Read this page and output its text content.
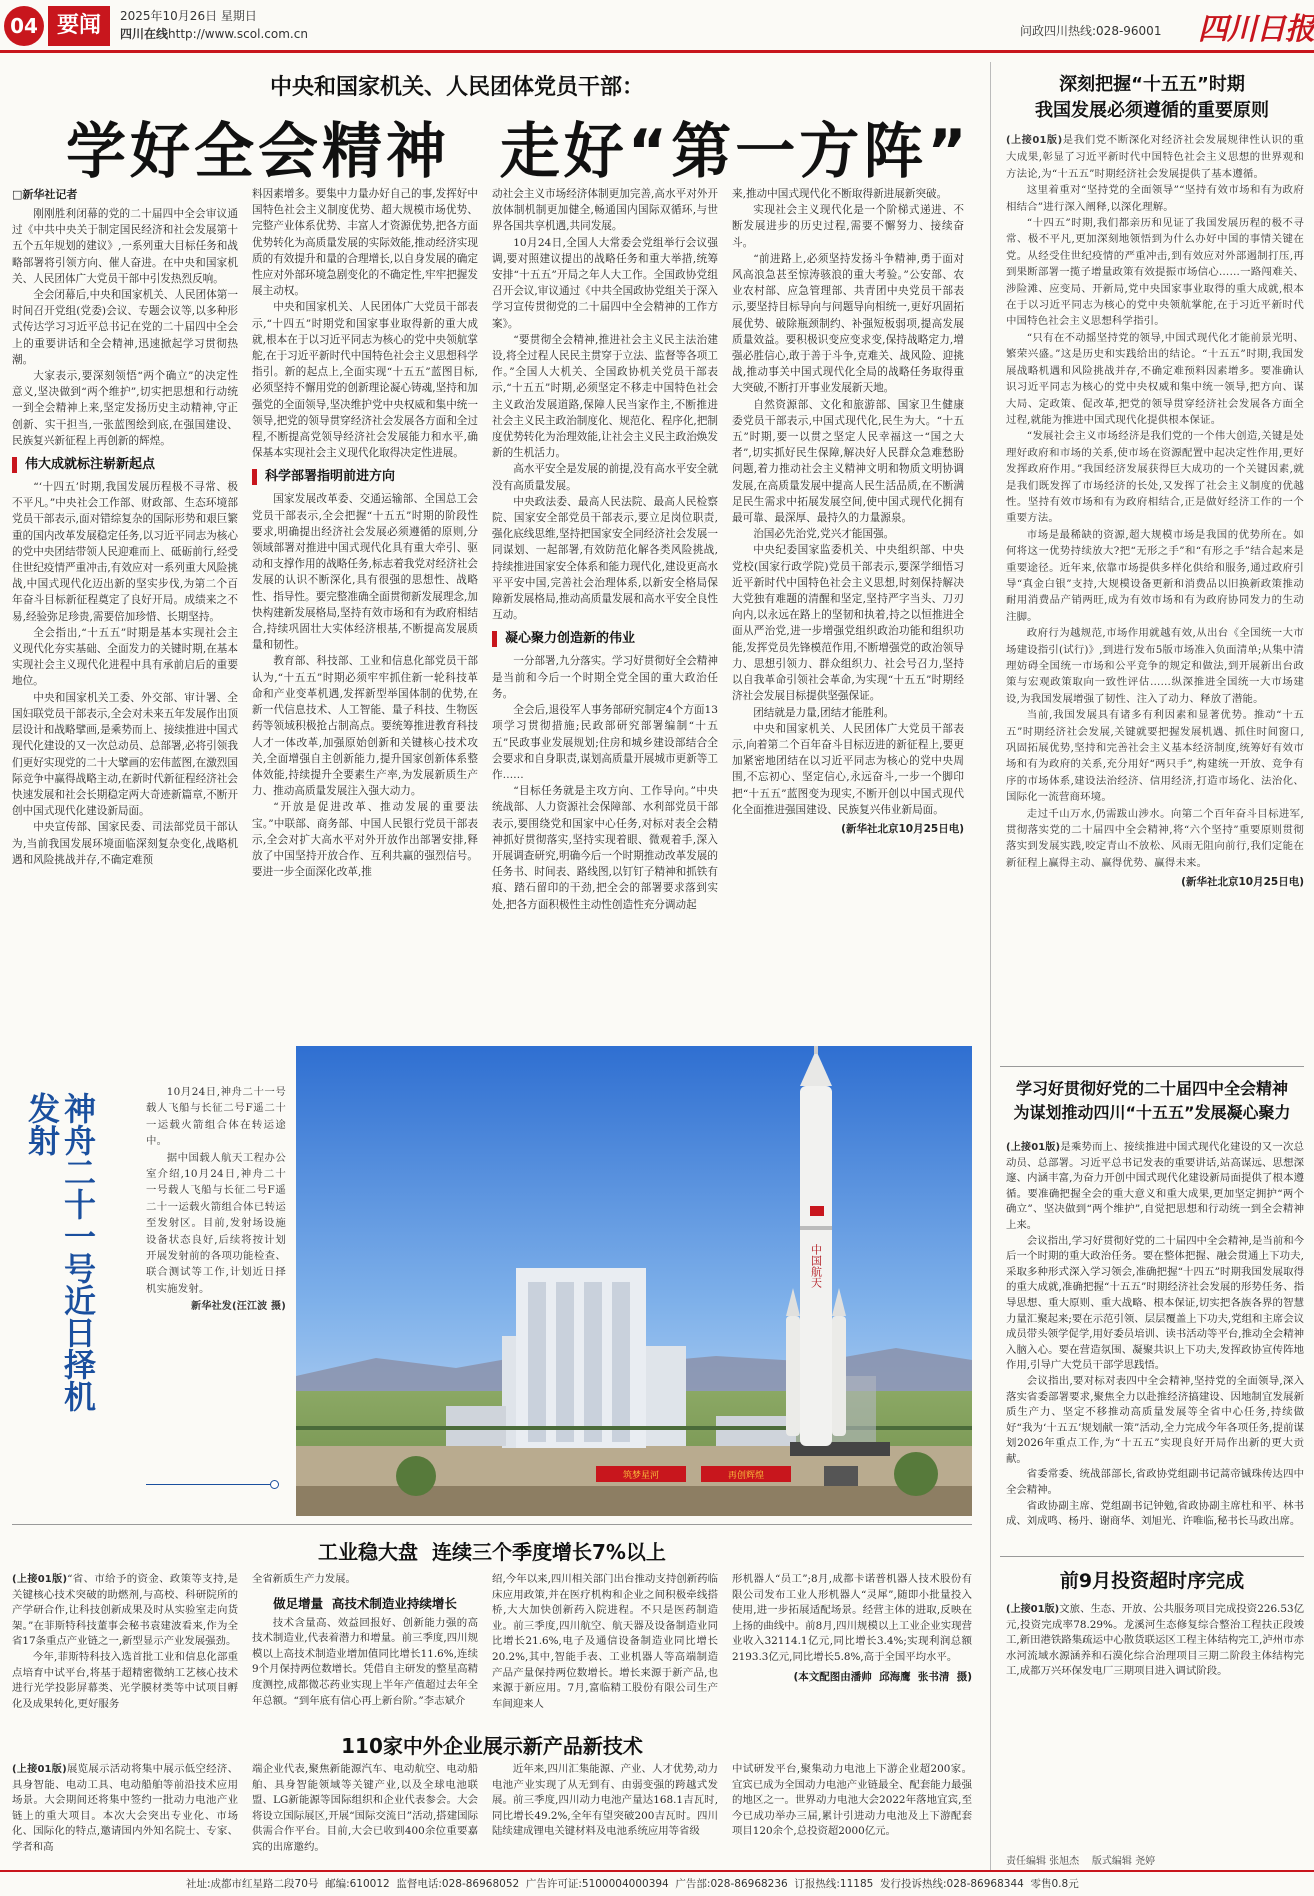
04 要闻	2025年10月26日 星期日
四川在线http://www.scol.com.cn	问政四川热线:028-96001 四川日报
中央和国家机关、人民团体党员干部：
学好全会精神  走好“第一方阵”
□新华社记者

刚刚胜利闭幕的党的二十届四中全会审议通过《中共中央关于制定国民经济和社会发展第十五个五年规划的建议》,一系列重大目标任务和战略部署将引领方向、催人奋进。在中央和国家机关、人民团体广大党员干部中引发热烈反响。

全会闭幕后,中央和国家机关、人民团体第一时间召开党组(党委)会议、专题会议等,以多种形式传达学习习近平总书记在党的二十届四中全会上的重要讲话和全会精神,迅速掀起学习贯彻热潮。

大家表示,要深刻领悟“两个确立”的决定性意义,坚决做到“两个维护”,切实把思想和行动统一到全会精神上来,坚定发扬历史主动精神,守正创新、实干担当,一张蓝图绘到底,在强国建设、民族复兴新征程上再创新的辉煌。

伟大成就标注崭新起点

“‘十四五’时期,我国发展历程极不寻常、极不平凡。”中央社会工作部、财政部、生态环境部党员干部表示,面对错综复杂的国际形势和艰巨繁重的国内改革发展稳定任务,以习近平同志为核心的党中央团结带领人民迎难而上、砥砺前行,经受住世纪疫情严重冲击,有效应对一系列重大风险挑战,中国式现代化迈出新的坚实步伐,为第二个百年奋斗目标新征程奠定了良好开局。成绩来之不易,经验弥足珍贵,需要倍加珍惜、长期坚持。

全会指出,“十五五”时期是基本实现社会主义现代化夯实基础、全面发力的关键时期,在基本实现社会主义现代化进程中具有承前启后的重要地位。

中央和国家机关工委、外交部、审计署、全国妇联党员干部表示,全会对未来五年发展作出顶层设计和战略擘画,是乘势而上、接续推进中国式现代化建设的又一次总动员、总部署,必将引领我们更好实现党的二十大擘画的宏伟蓝图,在激烈国际竞争中赢得战略主动,在新时代新征程经济社会快速发展和社会长期稳定两大奇迹新篇章,不断开创中国式现代化建设新局面。

中央宣传部、国家民委、司法部党员干部认为,当前我国发展环境面临深刻复杂变化,战略机遇和风险挑战并存,不确定难预

料因素增多。要集中力量办好自己的事,发挥好中国特色社会主义制度优势、超大规模市场优势、完整产业体系优势、丰富人才资源优势,把各方面优势转化为高质量发展的实际效能,推动经济实现质的有效提升和量的合理增长,以自身发展的确定性应对外部环境急剧变化的不确定性,牢牢把握发展主动权。

中央和国家机关、人民团体广大党员干部表示,“十四五”时期党和国家事业取得新的重大成就,根本在于以习近平同志为核心的党中央领航掌舵,在于习近平新时代中国特色社会主义思想科学指引。新的起点上,全面实现“十五五”蓝图目标,必须坚持不懈用党的创新理论凝心铸魂,坚持和加强党的全面领导,坚决维护党中央权威和集中统一领导,把党的领导贯穿经济社会发展各方面和全过程,不断提高党领导经济社会发展能力和水平,确保基本实现社会主义现代化取得决定性进展。

科学部署指明前进方向

国家发展改革委、交通运输部、全国总工会党员干部表示,全会把握“十五五”时期的阶段性要求,明确提出经济社会发展必须遵循的原则,分领域部署对推进中国式现代化具有重大牵引、驱动和支撑作用的战略任务,标志着我党对经济社会发展的认识不断深化,具有很强的思想性、战略性、指导性。要完整准确全面贯彻新发展理念,加快构建新发展格局,坚持有效市场和有为政府相结合,持续巩固壮大实体经济根基,不断提高发展质量和韧性。

教育部、科技部、工业和信息化部党员干部认为,“十五五”时期必须牢牢抓住新一轮科技革命和产业变革机遇,发挥新型举国体制的优势,在新一代信息技术、人工智能、量子科技、生物医药等领域积极抢占制高点。要统筹推进教育科技人才一体改革,加强原始创新和关键核心技术攻关,全面增强自主创新能力,提升国家创新体系整体效能,持续提升全要素生产率,为发展新质生产力、推动高质量发展注入强大动力。

“开放是促进改革、推动发展的重要法宝。”中联部、商务部、中国人民银行党员干部表示,全会对扩大高水平对外开放作出部署安排,释放了中国坚持开放合作、互利共赢的强烈信号。要进一步全面深化改革,推

动社会主义市场经济体制更加完善,高水平对外开放体制机制更加健全,畅通国内国际双循环,与世界各国共享机遇,共同发展。

10月24日,全国人大常委会党组举行会议强调,要对照建议提出的战略任务和重大举措,统筹安排“十五五”开局之年人大工作。全国政协党组召开会议,审议通过《中共全国政协党组关于深入学习宣传贯彻党的二十届四中全会精神的工作方案》。

“要贯彻全会精神,推进社会主义民主法治建设,将全过程人民民主贯穿于立法、监督等各项工作。”全国人大机关、全国政协机关党员干部表示,“十五五”时期,必须坚定不移走中国特色社会主义政治发展道路,保障人民当家作主,不断推进社会主义民主政治制度化、规范化、程序化,把制度优势转化为治理效能,让社会主义民主政治焕发新的生机活力。

高水平安全是发展的前提,没有高水平安全就没有高质量发展。

中央政法委、最高人民法院、最高人民检察院、国家安全部党员干部表示,要立足岗位职责,强化底线思维,坚持把国家安全同经济社会发展一同谋划、一起部署,有效防范化解各类风险挑战,持续推进国家安全体系和能力现代化,建设更高水平平安中国,完善社会治理体系,以新安全格局保障新发展格局,推动高质量发展和高水平安全良性互动。

凝心聚力创造新的伟业

一分部署,九分落实。学习好贯彻好全会精神是当前和今后一个时期全党全国的重大政治任务。

全会后,退役军人事务部研究制定4个方面13项学习贯彻措施;民政部研究部署编制“十五五”民政事业发展规划;住房和城乡建设部结合全会要求和自身职责,谋划高质量开展城市更新等工作……

“目标任务就是主攻方向、工作导向。”中央统战部、人力资源社会保障部、水利部党员干部表示,要围绕党和国家中心任务,对标对表全会精神抓好贯彻落实,坚持实现着眼、微观着手,深入开展调查研究,明确今后一个时期推动改革发展的任务书、时间表、路线图,以钉钉子精神和抓铁有痕、踏石留印的干劲,把全会的部署要求落到实处,把各方面积极性主动性创造性充分调动起

来,推动中国式现代化不断取得新进展新突破。

实现社会主义现代化是一个阶梯式递进、不断发展进步的历史过程,需要不懈努力、接续奋斗。

“前进路上,必须坚持发扬斗争精神,勇于面对风高浪急甚至惊涛骇浪的重大考验。”公安部、农业农村部、应急管理部、共青团中央党员干部表示,要坚持目标导向与问题导向相统一,更好巩固拓展优势、破除瓶颈制约、补强短板弱项,提高发展质量效益。要积极识变应变求变,保持战略定力,增强必胜信心,敢于善于斗争,克难关、战风险、迎挑战,推动事关中国式现代化全局的战略任务取得重大突破,不断打开事业发展新天地。

自然资源部、文化和旅游部、国家卫生健康委党员干部表示,中国式现代化,民生为大。“十五五”时期,要一以贯之坚定人民幸福这一“国之大者”,切实抓好民生保障,解决好人民群众急难愁盼问题,着力推动社会主义精神文明和物质文明协调发展,在高质量发展中提高人民生活品质,在不断满足民生需求中拓展发展空间,使中国式现代化拥有最可靠、最深厚、最持久的力量源泉。

治国必先治党,党兴才能国强。

中央纪委国家监委机关、中央组织部、中央党校(国家行政学院)党员干部表示,要深学细悟习近平新时代中国特色社会主义思想,时刻保持解决大党独有难题的清醒和坚定,坚持严字当头、刀刃向内,以永远在路上的坚韧和执着,持之以恒推进全面从严治党,进一步增强党组织政治功能和组织功能,发挥党员先锋模范作用,不断增强党的政治领导力、思想引领力、群众组织力、社会号召力,坚持以自我革命引领社会革命,为实现“十五五”时期经济社会发展目标提供坚强保证。

团结就是力量,团结才能胜利。

中央和国家机关、人民团体广大党员干部表示,向着第二个百年奋斗目标迈进的新征程上,要更加紧密地团结在以习近平同志为核心的党中央周围,不忘初心、坚定信心,永远奋斗,一步一个脚印把“十五五”蓝图变为现实,不断开创以中国式现代化全面推进强国建设、民族复兴伟业新局面。

(新华社北京10月25日电)
神舟二十一号近日择机发射	10月24日,神舟二十一号载人飞船与长征二号F遥二十一运载火箭组合体在转运途中。

据中国载人航天工程办公室介绍,10月24日,神舟二十一号载人飞船与长征二号F遥二十一运载火箭组合体已转运至发射区。目前,发射场设施设备状态良好,后续将按计划开展发射前的各项功能检查、联合测试等工作,计划近日择机实施发射。

新华社发(汪江波 摄)

中国航天
筑梦星河	再创辉煌
深刻把握“十五五”时期
我国发展必须遵循的重要原则

(上接01版)是我们党不断深化对经济社会发展规律性认识的重大成果,彰显了习近平新时代中国特色社会主义思想的世界观和方法论,为“十五五”时期经济社会发展提供了基本遵循。

这里着重对“坚持党的全面领导”“坚持有效市场和有为政府相结合”进行深入阐释,以深化理解。

“十四五”时期,我们都亲历和见证了我国发展历程的极不寻常、极不平凡,更加深刻地领悟到为什么办好中国的事情关键在党。从经受住世纪疫情的严重冲击,到有效应对外部遏制打压,再到果断部署一揽子增量政策有效提振市场信心……一路闯难关、涉险滩、应变局、开新局,党中央国家事业取得的重大成就,根本在于以习近平同志为核心的党中央领航掌舵,在于习近平新时代中国特色社会主义思想科学指引。

“只有在不动摇坚持党的领导,中国式现代化才能前景光明、繁荣兴盛。”这是历史和实践给出的结论。“十五五”时期,我国发展战略机遇和风险挑战并存,不确定难预料因素增多。要准确认识习近平同志为核心的党中央权威和集中统一领导,把方向、谋大局、定政策、促改革,把党的领导贯穿经济社会发展各方面全过程,就能为推进中国式现代化提供根本保证。

“发展社会主义市场经济是我们党的一个伟大创造,关键是处理好政府和市场的关系,使市场在资源配置中起决定性作用,更好发挥政府作用。”我国经济发展获得巨大成功的一个关键因素,就是我们既发挥了市场经济的长处,又发挥了社会主义制度的优越性。坚持有效市场和有为政府相结合,正是做好经济工作的一个重要方法。

市场是最稀缺的资源,超大规模市场是我国的优势所在。如何将这一优势持续放大?把“无形之手”和“有形之手”结合起来是重要途径。近年来,依靠市场提供多样化供给和服务,通过政府引导“真金白银”支持,大规模设备更新和消费品以旧换新政策推动耐用消费品产销两旺,成为有效市场和有为政府协同发力的生动注脚。

政府行为越规范,市场作用就越有效,从出台《全国统一大市场建设指引(试行)》,到进行发布5版市场准入负面清单;从集中清理妨碍全国统一市场和公平竞争的规定和做法,到开展新出台政策与宏观政策取向一致性评估……纵深推进全国统一大市场建设,为我国发展增强了韧性、注入了动力、释放了潜能。

当前,我国发展具有诸多有利因素和显著优势。推动“十五五”时期经济社会发展,关键就要把握发展机遇、抓住时间窗口,巩固拓展优势,坚持和完善社会主义基本经济制度,统筹好有效市场和有为政府的关系,充分用好“两只手”,构建统一开放、竞争有序的市场体系,建设法治经济、信用经济,打造市场化、法治化、国际化一流营商环境。

走过千山万水,仍需跋山涉水。向第二个百年奋斗目标进军,贯彻落实党的二十届四中全会精神,将“六个坚持”重要原则贯彻落实到发展实践,咬定青山不放松、风雨无阻向前行,我们定能在新征程上赢得主动、赢得优势、赢得未来。

(新华社北京10月25日电)
学习好贯彻好党的二十届四中全会精神
为谋划推动四川“十五五”发展凝心聚力

(上接01版)是乘势而上、接续推进中国式现代化建设的又一次总动员、总部署。习近平总书记发表的重要讲话,站高谋远、思想深邃、内涵丰富,为奋力开创中国式现代化建设新局面提供了根本遵循。要准确把握全会的重大意义和重大成果,更加坚定拥护“两个确立”、坚决做到“两个维护”,自觉把思想和行动统一到全会精神上来。

会议指出,学习好贯彻好党的二十届四中全会精神,是当前和今后一个时期的重大政治任务。要在整体把握、融会贯通上下功夫,采取多种形式深入学习领会,准确把握“十四五”时期我国发展取得的重大成就,准确把握“十五五”时期经济社会发展的形势任务、指导思想、重大原则、重大战略、根本保证,切实把各族各界的智慧力量汇聚起来;要在示范引领、层层覆盖上下功夫,党组和主席会议成员带头领学促学,用好委员培训、读书活动等平台,推动全会精神入脑入心。要在营造氛围、凝聚共识上下功夫,发挥政协宣传阵地作用,引导广大党员干部学思践悟。

会议指出,要对标对表四中全会精神,坚持党的全面领导,深入落实省委部署要求,聚焦全力以赴推经济搞建设、因地制宜发展新质生产力、坚定不移推动高质量发展等全省中心任务,持续做好“我为‘十五五’规划献一策”活动,全力完成今年各项任务,提前谋划2026年重点工作,为“十五五”实现良好开局作出新的更大贡献。

省委常委、统战部部长,省政协党组副书记蒿帝铖珠传达四中全会精神。

省政协副主席、党组副书记钟勉,省政协副主席杜和平、林书成、刘成鸣、杨丹、谢商华、刘旭光、许唯临,秘书长马政出席。

前9月投资超时序完成

(上接01版)文旅、生态、开放、公共服务项目完成投资226.53亿元,投资完成率78.29%。龙溪河生态修复综合整治工程扶正段竣工,新田港铁路集疏运中心散货联运区工程主体结构完工,泸州市赤水河流域水源涵养和石漠化综合治理项目三期二阶段主体结构完工,成都万兴环保发电厂三期项目进入调试阶段。

责任编辑 张旭杰    版式编辑 尧婷
工业稳大盘  连续三个季度增长7%以上

(上接01版)“省、市给予的资金、政策等支持,是关键核心技术突破的助燃剂,与高校、科研院所的产学研合作,让科技创新成果及时从实验室走向货架。”在菲斯特科技董事会秘书袁建波看来,作为全省17条重点产业链之一,新型显示产业发展强劲。

今年,菲斯特科技入选首批工业和信息化部重点培育中试平台,将基于超精密微纳工艺核心技术进行光学投影屏幕类、光学膜材类等中试项目孵化及成果转化,更好服务

全省新质生产力发展。

做足增量  高技术制造业持续增长

技术含量高、效益回报好、创新能力强的高技术制造业,代表着潜力和增量。前三季度,四川规模以上高技术制造业增加值同比增长11.6%,连续9个月保持两位数增长。凭借自主研发的整星高精度测控,成都微芯药业实现上半年产值超过去年全年总额。“到年底有信心再上新台阶。”李志斌介

绍,今年以来,四川相关部门出台推动支持创新药临床应用政策,并在医疗机构和企业之间积极牵线搭桥,大大加快创新药入院进程。不只是医药制造业。前三季度,四川航空、航天器及设备制造业同比增长21.6%,电子及通信设备制造业同比增长20.2%,其中,智能手表、工业机器人等高端制造产品产量保持两位数增长。增长来源于新产品,也来源于新应用。7月,富临精工股份有限公司生产车间迎来人

形机器人“员工”;8月,成都卡诺普机器人技术股份有限公司发布工业人形机器人“灵犀”,随即小批量投入使用,进一步拓展适配场景。经营主体的进取,反映在上扬的曲线中。前8月,四川规模以上工业企业实现营业收入32114.1亿元,同比增长3.4%;实现利润总额2193.3亿元,同比增长5.8%,高于全国平均水平。

(本文配图由潘帅  邱海鹰  张书清  摄)
110家中外企业展示新产品新技术

(上接01版)展览展示活动将集中展示低空经济、具身智能、电动工具、电动船舶等前沿技术应用场景。大会期间还将集中签约一批动力电池产业链上的重大项目。本次大会突出专业化、市场化、国际化的特点,邀请国内外知名院士、专家、学者和高

端企业代表,聚焦新能源汽车、电动航空、电动船舶、具身智能领域等关键产业,以及全球电池联盟、LG新能源等国际组织和企业代表参会。大会将设立国际展区,开展“国际交流日”活动,搭建国际供需合作平台。目前,大会已收到400余位重要嘉宾的出席邀约。

近年来,四川汇集能源、产业、人才优势,动力电池产业实现了从无到有、由弱变强的跨越式发展。前三季度,四川动力电池产量达168.1吉瓦时,同比增长49.2%,全年有望突破200吉瓦时。四川陆续建成锂电关键材料及电池系统应用等省级

中试研发平台,聚集动力电池上下游企业超200家。宜宾已成为全国动力电池产业链最全、配套能力最强的地区之一。世界动力电池大会2022年落地宜宾,至今已成功举办三届,累计引进动力电池及上下游配套项目120余个,总投资超2000亿元。

社址:成都市红星路二段70号  邮编:610012  监督电话:028-86968052  广告许可证:5100004000394  广告部:028-86968236  订报热线:11185  发行投诉热线:028-86968344  零售0.8元
